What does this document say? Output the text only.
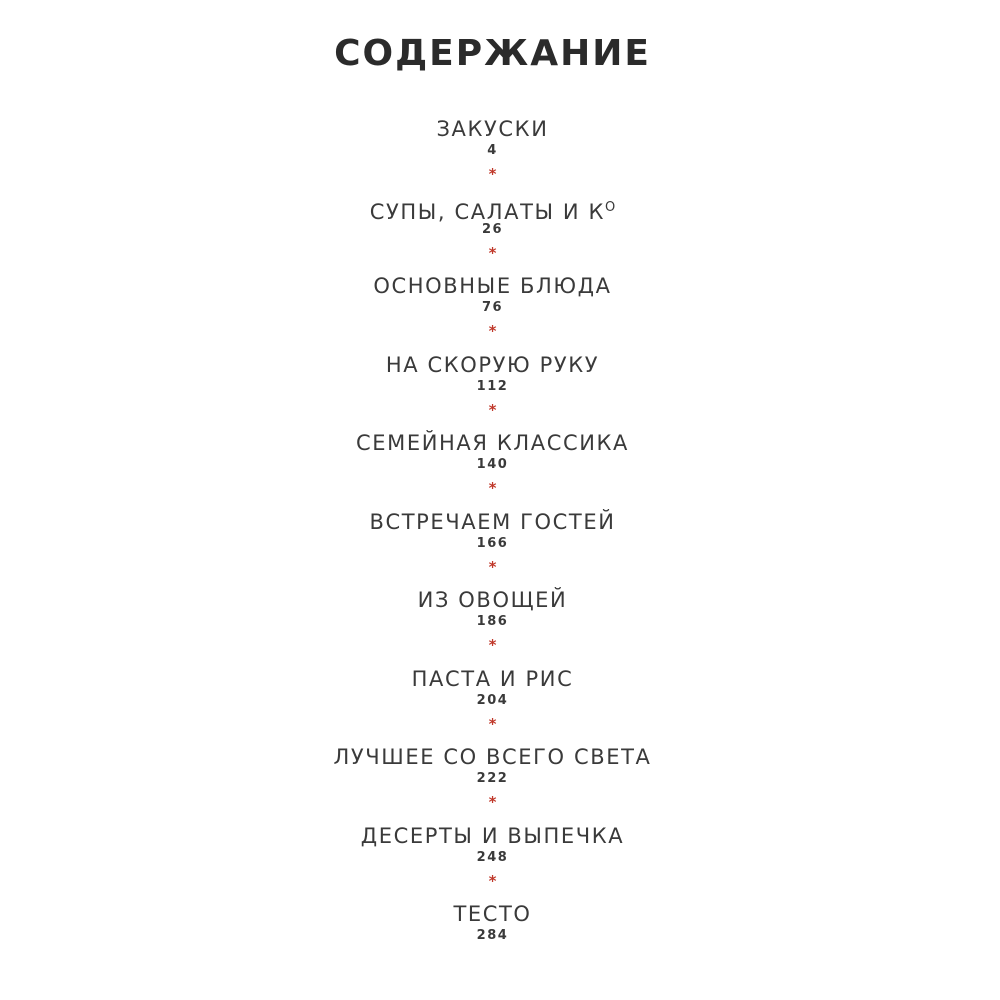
СОДЕРЖАНИЕ
ЗАКУСКИ
4
*
СУПЫ, САЛАТЫ И $К^О$
26
*
ОСНОВНЫЕ БЛЮДА
76
*
НА СКОРУЮ РУКУ
112
*
СЕМЕЙНАЯ КЛАССИКА
140
*
ВСТРЕЧАЕМ ГОСТЕЙ
166
*
ИЗ ОВОЩЕЙ
186
*
ПАСТА И РИС
204
*
ЛУЧШЕЕ СО ВСЕГО СВЕТА
222
*
ДЕСЕРТЫ И ВЫПЕЧКА
248
*
ТЕСТО
284
